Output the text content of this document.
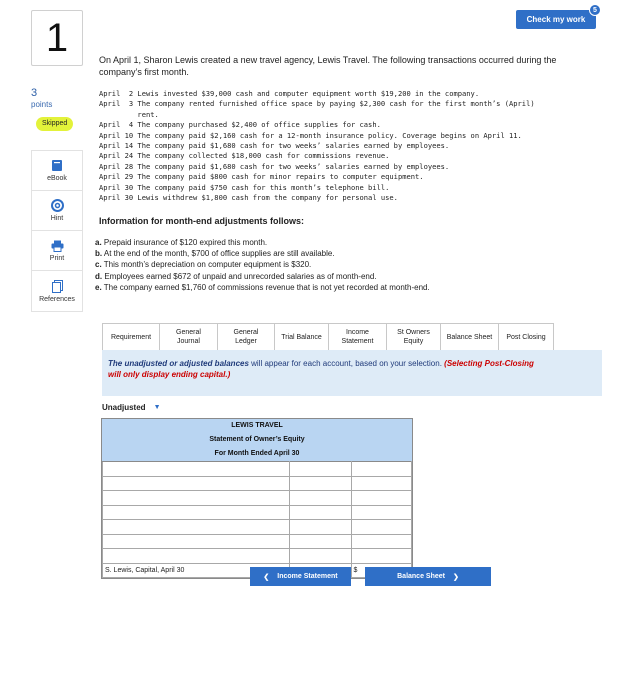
1
3
points
Skipped
eBook
Hint
Print
References
Check my work
5
On April 1, Sharon Lewis created a new travel agency, Lewis Travel. The following transactions occurred during the company’s first month.
April  2 Lewis invested $39,000 cash and computer equipment worth $19,200 in the company.
April  3 The company rented furnished office space by paying $2,300 cash for the first month’s (April)
rent.
April  4 The company purchased $2,400 of office supplies for cash.
April 10 The company paid $2,160 cash for a 12-month insurance policy. Coverage begins on April 11.
April 14 The company paid $1,680 cash for two weeks’ salaries earned by employees.
April 24 The company collected $18,000 cash for commissions revenue.
April 28 The company paid $1,680 cash for two weeks’ salaries earned by employees.
April 29 The company paid $800 cash for minor repairs to computer equipment.
April 30 The company paid $750 cash for this month’s telephone bill.
April 30 Lewis withdrew $1,800 cash from the company for personal use.
Information for month-end adjustments follows:
a. Prepaid insurance of $120 expired this month.
b. At the end of the month, $700 of office supplies are still available.
c. This month’s depreciation on computer equipment is $320.
d. Employees earned $672 of unpaid and unrecorded salaries as of month-end.
e. The company earned $1,760 of commissions revenue that is not yet recorded at month-end.
Requirement
General
Journal
General
Ledger
Trial Balance
Income
Statement
St Owners
Equity
Balance Sheet Post Closing
The unadjusted or adjusted balances will appear for each account, based on your selection. (Selecting Post-Closing
will only display ending capital.)
Unadjusted ▼
LEWIS TRAVEL
Statement of Owner’s Equity
For Month Ended April 30

S. Lewis, Capital, April 30		$
❮ Income Statement	Balance Sheet ❯
